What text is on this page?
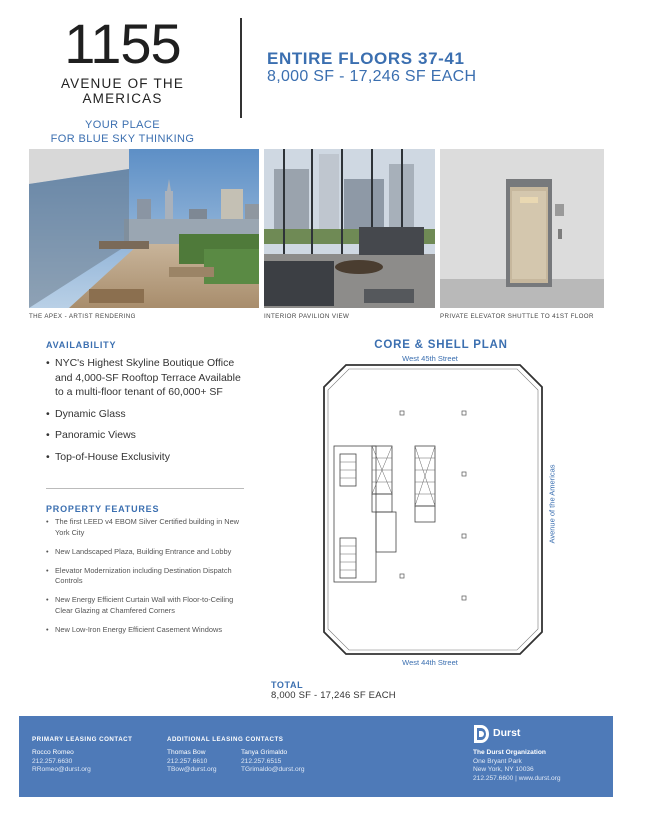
1155
AVENUE OF THE AMERICAS
YOUR PLACE
FOR BLUE SKY THINKING
ENTIRE FLOORS 37-41
8,000 SF - 17,246 SF EACH
THE APEX - ARTIST RENDERING	INTERIOR PAVILION VIEW	PRIVATE ELEVATOR SHUTTLE TO 41ST FLOOR
AVAILABILITY
• NYC's Highest Skyline Boutique Office and 4,000-SF Rooftop Terrace Available to a multi-floor tenant of 60,000+ SF
• Dynamic Glass
• Panoramic Views
• Top-of-House Exclusivity
PROPERTY FEATURES
• The first LEED v4 EBOM Silver Certified building in New York City
• New Landscaped Plaza, Building Entrance and Lobby
• Elevator Modernization including Destination Dispatch Controls
• New Energy Efficient Curtain Wall with Floor-to-Ceiling Clear Glazing at Chamfered Corners
• New Low-Iron Energy Efficient Casement Windows
CORE & SHELL PLAN
West 45th Street
Avenue of the Americas
West 44th Street
TOTAL
8,000 SF - 17,246 SF EACH
PRIMARY LEASING CONTACT	ADDITIONAL LEASING CONTACTS
Rocco Romeo
212.257.6630
RRomeo@durst.org
Thomas Bow
212.257.6610
TBow@durst.org
Tanya Grimaldo
212.257.6515
TGrimaldo@durst.org
Durst
The Durst Organization
One Bryant Park
New York, NY 10036
212.257.6600 | www.durst.org
